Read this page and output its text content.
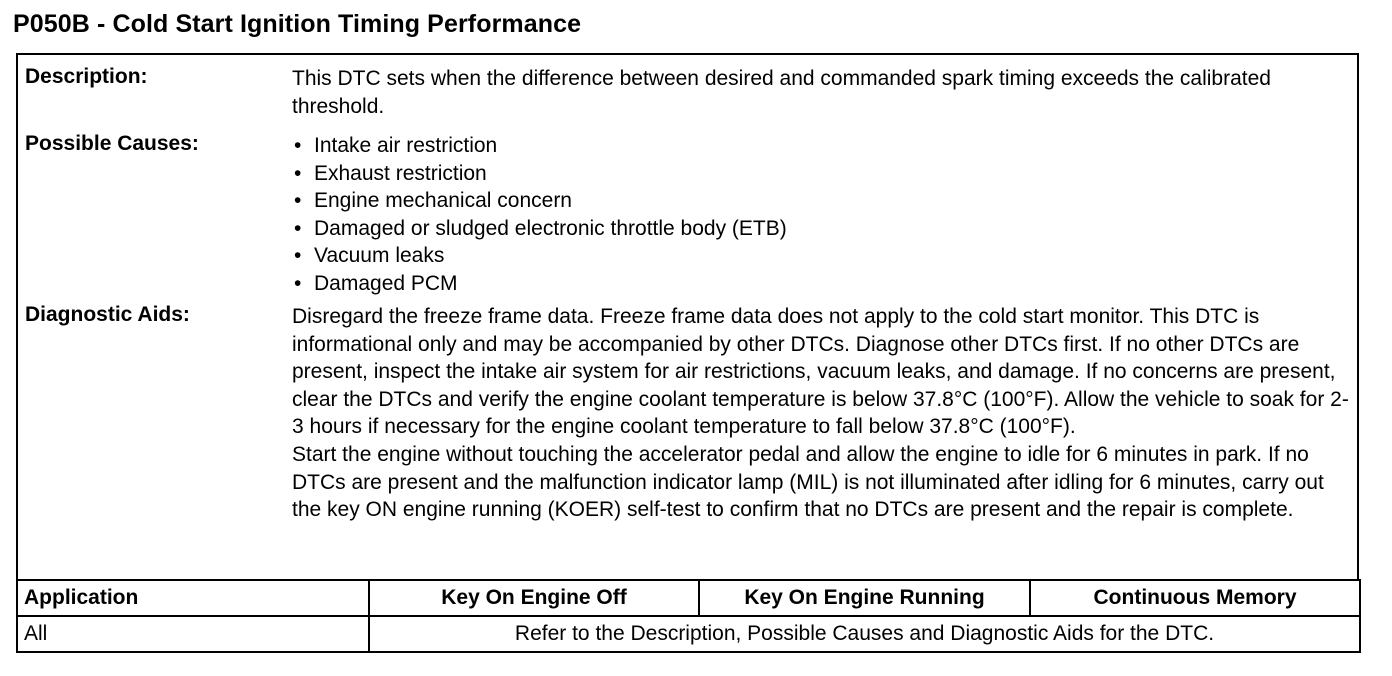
P050B - Cold Start Ignition Timing Performance
Description:	This DTC sets when the difference between desired and commanded spark timing exceeds the calibrated threshold.
Possible Causes:	• Intake air restriction
• Exhaust restriction
• Engine mechanical concern
• Damaged or sludged electronic throttle body (ETB)
• Vacuum leaks
• Damaged PCM
Diagnostic Aids:	Disregard the freeze frame data. Freeze frame data does not apply to the cold start monitor. This DTC is informational only and may be accompanied by other DTCs. Diagnose other DTCs first. If no other DTCs are present, inspect the intake air system for air restrictions, vacuum leaks, and damage. If no concerns are present, clear the DTCs and verify the engine coolant temperature is below 37.8°C (100°F). Allow the vehicle to soak for 2-3 hours if necessary for the engine coolant temperature to fall below 37.8°C (100°F).

Start the engine without touching the accelerator pedal and allow the engine to idle for 6 minutes in park. If no DTCs are present and the malfunction indicator lamp (MIL) is not illuminated after idling for 6 minutes, carry out the key ON engine running (KOER) self-test to confirm that no DTCs are present and the repair is complete.

Application	Key On Engine Off	Key On Engine Running	Continuous Memory
All	Refer to the Description, Possible Causes and Diagnostic Aids for the DTC.		
